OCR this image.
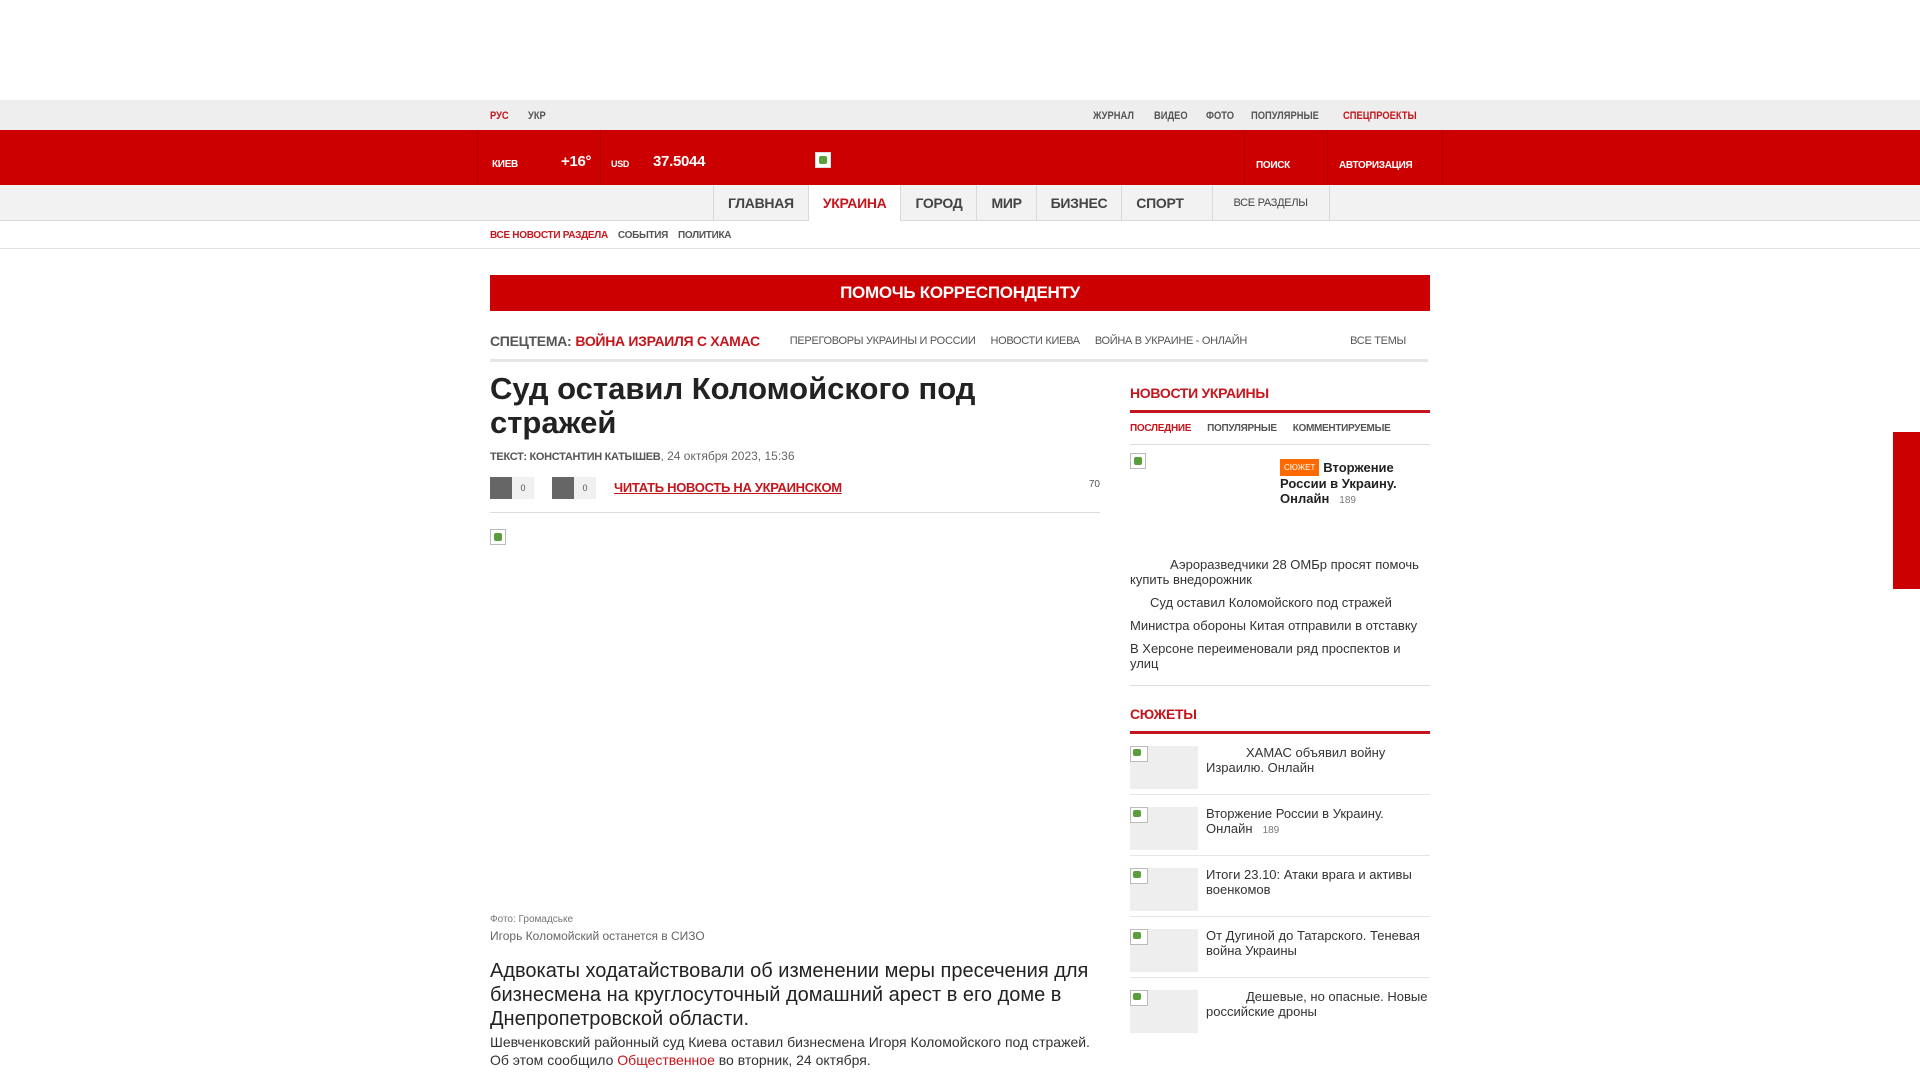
РУС УКР	ЖУРНАЛ ВИДЕО ФОТО ПОПУЛЯРНЫЕ СПЕЦПРОЕКТЫ
КИЕВ	+16° USD 37.5044	ПОИСК	АВТОРИЗАЦИЯ
ГЛАВНАЯ	УКРАИНА	ГОРОД	МИР	БИЗНЕС	СПОРТ	ВСЕ РАЗДЕЛЫ
ВСЕ НОВОСТИ РАЗДЕЛА СОБЫТИЯ ПОЛИТИКА
ПОМОЧЬ КОРРЕСПОНДЕНТУ
СПЕЦТЕМА: ВОЙНА ИЗРАИЛЯ С ХАМАС	ПЕРЕГОВОРЫ УКРАИНЫ И РОССИИ НОВОСТИ КИЕВА ВОЙНА В УКРАИНЕ - ОНЛАЙН	ВСЕ ТЕМЫ
Суд оставил Коломойского под стражей
ТЕКСТ: КОНСТАНТИН КАТЫШЕВ, 24 октября 2023, 15:36
0	0	ЧИТАТЬ НОВОСТЬ НА УКРАИНСКОМ	70
Фото: Громадське
Игорь Коломойский останется в СИЗО

Адвокаты ходатайствовали об изменении меры пресечения для бизнесмена на круглосуточный домашний арест в его доме в Днепропетровской области.

Шевченковский районный суд Киева оставил бизнесмена Игоря Коломойского под стражей. Об этом сообщило Общественное во вторник, 24 октября.

НОВОСТИ УКРАИНЫ
ПОСЛЕДНИЕ ПОПУЛЯРНЫЕ КОММЕНТИРУЕМЫЕ
СЮЖЕТ Вторжение России в Украину. Онлайн 189
Аэроразведчики 28 ОМБр просят помочь купить внедорожник
Суд оставил Коломойского под стражей
Министра обороны Китая отправили в отставку
В Херсоне переименовали ряд проспектов и улиц
СЮЖЕТЫ
ХАМАС объявил войну Израилю. Онлайн
Вторжение России в Украину. Онлайн 189
Итоги 23.10: Атаки врага и активы военкомов
От Дугиной до Татарского. Теневая война Украины
Дешевые, но опасные. Новые российские дроны
